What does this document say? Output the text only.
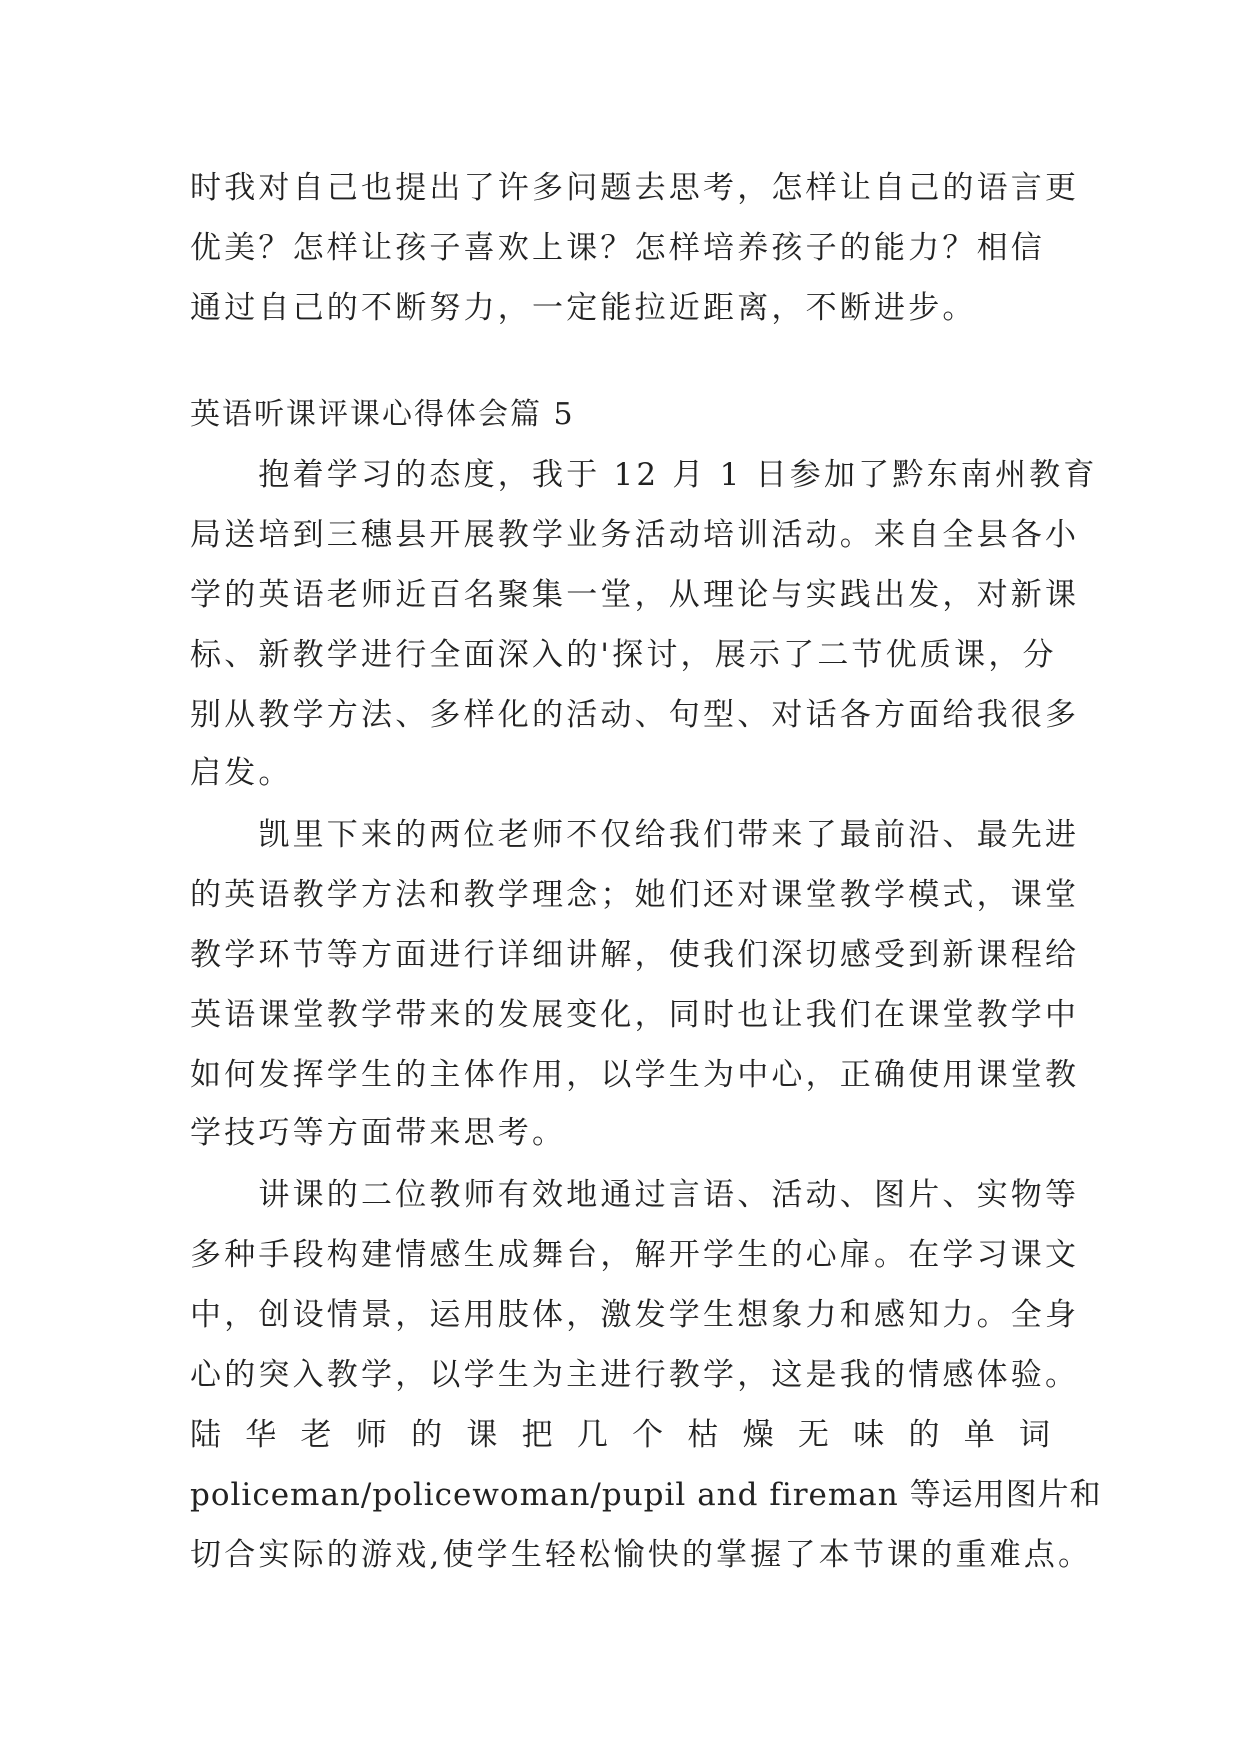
时我对自己也提出了许多问题去思考，怎样让自己的语言更
优美？怎样让孩子喜欢上课？怎样培养孩子的能力？相信
通过自己的不断努力，一定能拉近距离，不断进步。
英语听课评课心得体会篇 5
　　抱着学习的态度，我于 12 月 1 日参加了黔东南州教育
局送培到三穗县开展教学业务活动培训活动。来自全县各小
学的英语老师近百名聚集一堂，从理论与实践出发，对新课
标、新教学进行全面深入的'探讨，展示了二节优质课，分
别从教学方法、多样化的活动、句型、对话各方面给我很多
启发。
　　凯里下来的两位老师不仅给我们带来了最前沿、最先进
的英语教学方法和教学理念；她们还对课堂教学模式，课堂
教学环节等方面进行详细讲解，使我们深切感受到新课程给
英语课堂教学带来的发展变化，同时也让我们在课堂教学中
如何发挥学生的主体作用，以学生为中心，正确使用课堂教
学技巧等方面带来思考。
　　讲课的二位教师有效地通过言语、活动、图片、实物等
多种手段构建情感生成舞台，解开学生的心扉。在学习课文
中，创设情景，运用肢体，激发学生想象力和感知力。全身
心的突入教学，以学生为主进行教学，这是我的情感体验。
陆 华 老 师 的 课 把 几 个 枯 燥 无 味 的 单 词
policeman/policewoman/pupil and fireman 等运用图片和
切合实际的游戏,使学生轻松愉快的掌握了本节课的重难点。
